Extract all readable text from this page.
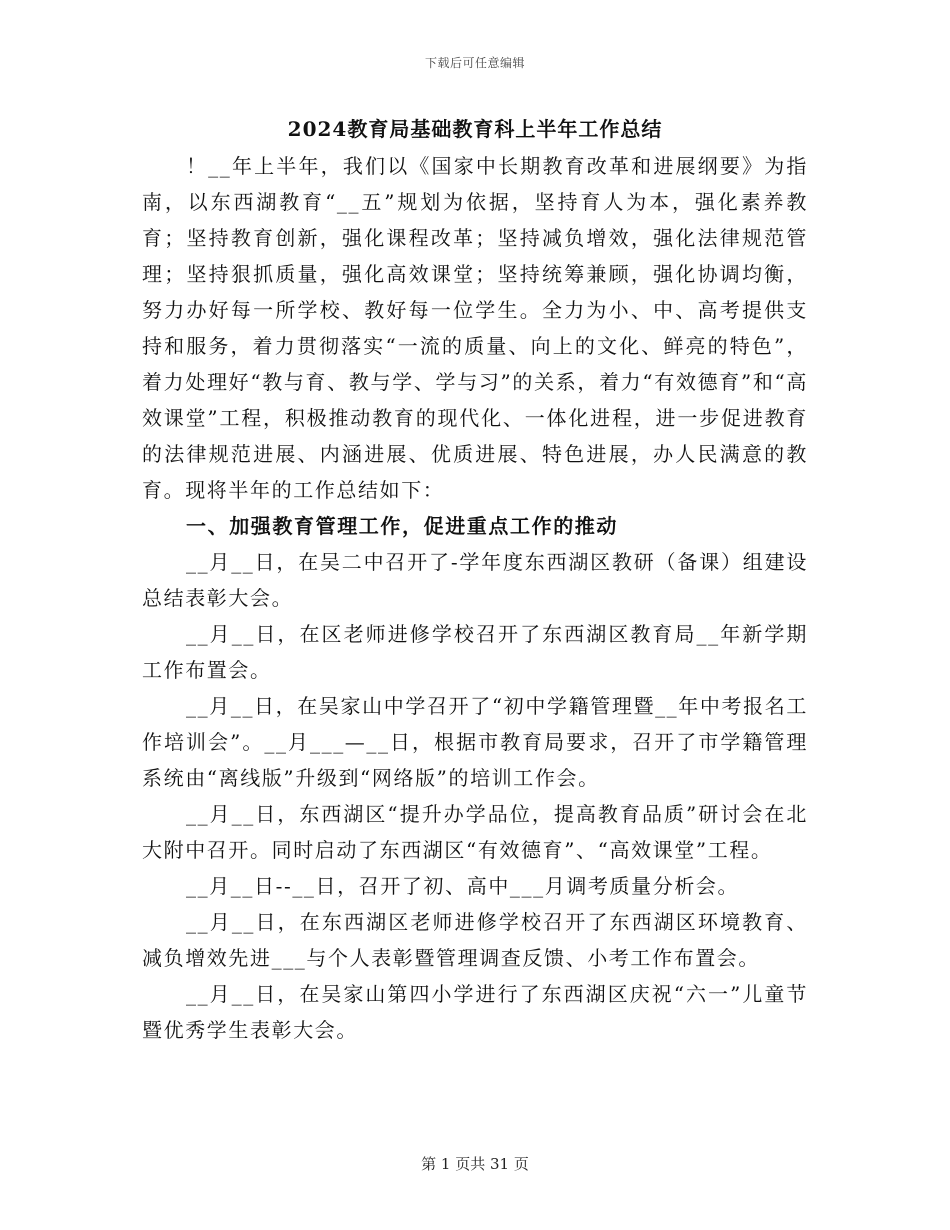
下载后可任意编辑
2024教育局基础教育科上半年工作总结

！__年上半年，我们以《国家中长期教育改革和进展纲要》为指南，以东西湖教育“__五”规划为依据，坚持育人为本，强化素养教育；坚持教育创新，强化课程改革；坚持减负增效，强化法律规范管理；坚持狠抓质量，强化高效课堂；坚持统筹兼顾，强化协调均衡，努力办好每一所学校、教好每一位学生。全力为小、中、高考提供支持和服务，着力贯彻落实“一流的质量、向上的文化、鲜亮的特色”，着力处理好“教与育、教与学、学与习”的关系，着力“有效德育”和“高效课堂”工程，积极推动教育的现代化、一体化进程，进一步促进教育的法律规范进展、内涵进展、优质进展、特色进展，办人民满意的教育。现将半年的工作总结如下：

一、加强教育管理工作，促进重点工作的推动

__月__日，在吴二中召开了-学年度东西湖区教研（备课）组建设总结表彰大会。

__月__日，在区老师进修学校召开了东西湖区教育局__年新学期工作布置会。

__月__日，在吴家山中学召开了“初中学籍管理暨__年中考报名工作培训会”。__月___—__日，根据市教育局要求，召开了市学籍管理系统由“离线版”升级到“网络版”的培训工作会。

__月__日，东西湖区“提升办学品位，提高教育品质”研讨会在北大附中召开。同时启动了东西湖区“有效德育”、“高效课堂”工程。

__月__日--__日，召开了初、高中___月调考质量分析会。

__月__日，在东西湖区老师进修学校召开了东西湖区环境教育、减负增效先进___与个人表彰暨管理调查反馈、小考工作布置会。

__月__日，在吴家山第四小学进行了东西湖区庆祝“六一”儿童节暨优秀学生表彰大会。

第 1 页共 31 页
